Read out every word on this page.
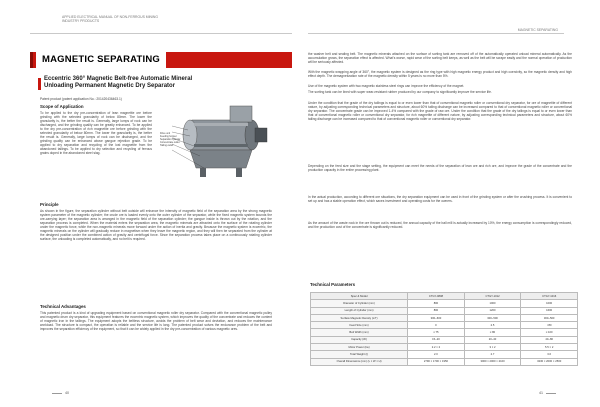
APPLIED ELECTRICAL MANUAL OF NON-FERROUS MINING INDUSTRY PRODUCTS
MAGNETIC SEPARATING
Eccentric 360° Magnetic Belt-free Automatic Mineral Unloading Permanent Magnetic Dry Separator
Patent product (patent application No.: 201420436463.1)
Scope of Application
To be applied to the dry pre-concentration of lean magnetite ore before grinding with the selected granularity of below 80mm. The lower the granularity is, the better the result is. Generally, large lumps of rock can be discharged, and the grinding quality can be greatly enhanced. To be applied to the dry pre-concentration of rich magnetite ore before grinding with the selected granularity of below 80mm. The lower the granularity is, the better the result is. Generally, large lumps of rock can be discharged, and the grinding quality can be enhanced above gangue rejection grade. To be applied to dry separation and recycling of the lost magnetite from the abandoned tailings. To be applied to dry selection and recycling of ferrous grains doped in the abandoned steel slag.
Drive unit
Feeding hopper
Separation cylinder
Concentrate outlet
Tailing outlet
Principle
As shown in the figure, the separation cylinder without belt outside will enhance the intensity of magnetic field of the separation area by the strong magnetic system parameter of the magnetic cylinder; the crude ore is loaded evenly onto the outer cylinder of the separator, while the fixed magnetic system bounds the ore-carrying layer; the separation area is arranged in the magnetic field of the separation cylinder; the gangue inside is thrown out by the rotation, and the separation process is completed. When the material enters the separation area, the magnetic minerals are attracted onto the surface of the rotating cylinder under the magnetic force, while the non-magnetic minerals move forward under the action of inertia and gravity. Because the magnetic system is eccentric, the magnetic minerals on the cylinder will gradually reduce in magnetism when they leave the magnetic region, and they will then be separated from the cylinder at the designed position under the combined action of gravity and centrifugal force. Since the separation process takes place on a continuously rotating cylinder surface, the unloading is completed automatically, and no belt is required.
Technical Advantages
This patented product is a kind of upgrading equipment based on conventional magnetic roller dry separator. Compared with the conventional magnetic pulley and magnetic drum dry separator, this equipment features the eccentric magnetic system, which improves the quality of the concentrate and reduces the content of magnetic iron in the tailings. The equipment adopts the beltless structure, avoids the problem of belt wear and deviation, and reduces the maintenance workload. The structure is compact, the operation is reliable and the service life is long. The patented product solves the endurance problem of the belt and improves the separation efficiency of the equipment, so that it can be widely applied in the dry pre-concentration of various magnetic ores.
40
MAGNETIC SEPARATING
the washer belt and sealing belt. The magnetic minerals attached on the surface of sorting tank are removed off of the automatically operated unload mineral automatically. As the accumulation grows, the separation effect is affected. What's worse, rapid wear of the sorting belt keeps, as well as the belt will be scrape easily and the normal operation of production will be seriously affected.
With the magnetic wrapping angle of 360°, the magnetic system is designed as the ring type with high magnetic energy product and high coercivity, so the magnetic density and high effect depth. The demagnetization rate of the magnetic density within 5 years is no more than 5%.
Use of the magnetic system with two magnetic stainless steel rings can improve the efficiency of the magnet.
The sorting tank can be lined with super wear-resistant rubber produced by our company to significantly improve the service life.
Under the condition that the grade of the dry tailings is equal to or even lower than that of conventional magnetic roller or conventional dry separator, for ore of magnetite of different nature, by adjusting corresponding technical parameters and structure, about 60% tailing discharge can be increased compared to that of conventional magnetic roller or conventional dry separator. The concentrate grade can be improved 1-4% compared with the grade of raw ore. Under the condition that the grade of the dry tailings is equal to or even lower than that of conventional magnetic roller or conventional dry separator, for rich magnetite of different nature, by adjusting corresponding technical parameters and structure, about 60% tailing discharge can be increased compared to that of conventional magnetic roller or conventional dry separator.
Depending on the feed size and the stage setting, the equipment can meet the needs of the separation of lean ore and rich ore, and improve the grade of the concentrate and the production capacity in the entire processing plant.
In the actual production, according to different ore situations, the dry separation equipment can be used in front of the grinding system or after the crushing process. It is convenient to set up and has a stable operation effect, which saves investment and operating costs for the owners.
As the amount of the waste rock in the ore thrown out is reduced, the annual capacity of the ball mill is actually increased by 10%, the energy consumption is correspondingly reduced, and the production cost of the concentrate is significantly reduced.
Technical Parameters
Spec & Model	CTGY-0808	CTGY-1012	CTGY-1016
Diameter of Cylinder (mm)	800	1000	1000
Length of Cylinder (mm)	800	1200	1600
Surface Magnetic Density (mT)	300~600	300~500	300~500
Feed Size (mm)	0	2.5	<80
Belt Width (mm)	≤ 75	≤ 80	≤ 100
Capacity (t/h)	15~20	20~40	40~80
Motor Power (kw)	2.2 × 2	3 × 2	5.5 × 2
Total Weight (t)	2.0	2.7	3.6
Overall Dimensions (mm) (L × W × H)	2790 × 1700 × 1950	3000 × 2000 × 2100	3230 × 2000 × 2500
41
